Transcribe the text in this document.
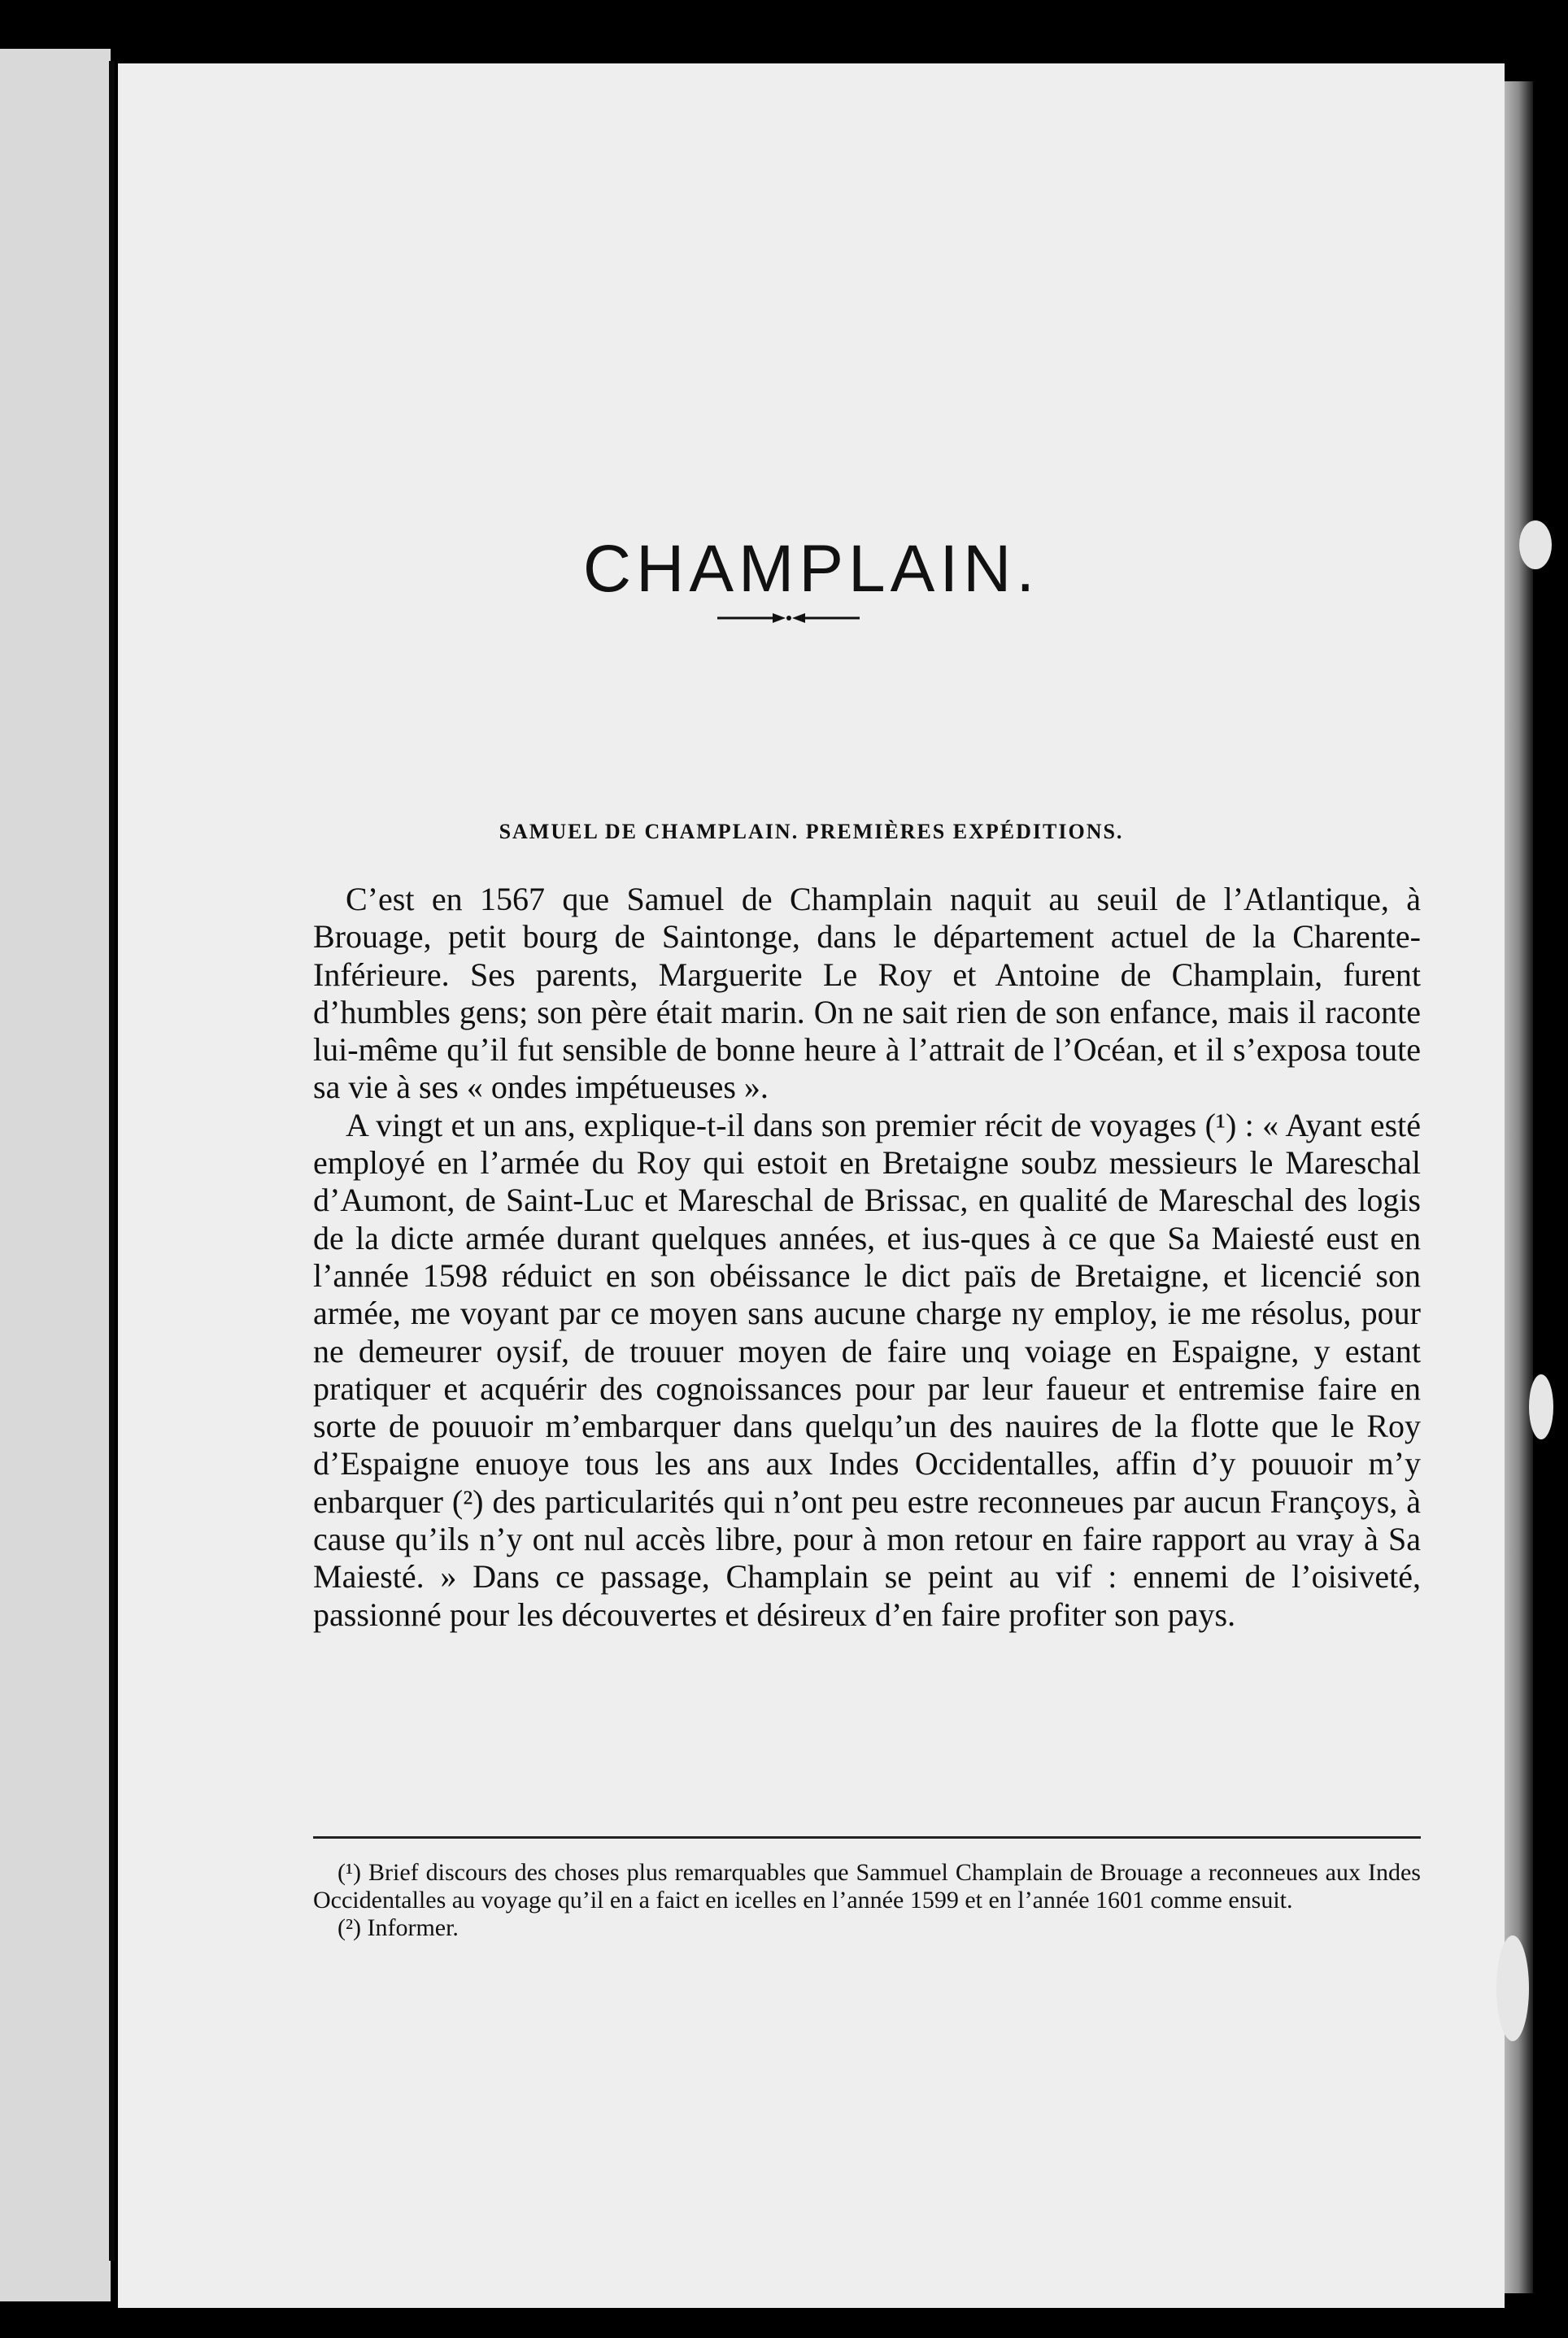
CHAMPLAIN.
SAMUEL DE CHAMPLAIN. PREMIÈRES EXPÉDITIONS.

C’est en 1567 que Samuel de Champlain naquit au seuil de l’Atlantique, à Brouage, petit bourg de Saintonge, dans le département actuel de la Charente-Inférieure. Ses parents, Marguerite Le Roy et Antoine de Champlain, furent d’humbles gens; son père était marin. On ne sait rien de son enfance, mais il raconte lui-même qu’il fut sensible de bonne heure à l’attrait de l’Océan, et il s’exposa toute sa vie à ses « ondes impétueuses ».

A vingt et un ans, explique-t-il dans son premier récit de voyages (¹) : « Ayant esté employé en l’armée du Roy qui estoit en Bretaigne soubz messieurs le Mareschal d’Aumont, de Saint-Luc et Mareschal de Brissac, en qualité de Mareschal des logis de la dicte armée durant quelques années, et ius-ques à ce que Sa Maiesté eust en l’année 1598 réduict en son obéissance le dict païs de Bretaigne, et licencié son armée, me voyant par ce moyen sans aucune charge ny employ, ie me résolus, pour ne demeurer oysif, de trouuer moyen de faire unq voiage en Espaigne, y estant pratiquer et acquérir des cognoissances pour par leur faueur et entremise faire en sorte de pouuoir m’embarquer dans quelqu’un des nauires de la flotte que le Roy d’Espaigne enuoye tous les ans aux Indes Occidentalles, affin d’y pouuoir m’y enbarquer (²) des particularités qui n’ont peu estre reconneues par aucun Françoys, à cause qu’ils n’y ont nul accès libre, pour à mon retour en faire rapport au vray à Sa Maiesté. » Dans ce passage, Champlain se peint au vif : ennemi de l’oisiveté, passionné pour les découvertes et désireux d’en faire profiter son pays.

(¹) Brief discours des choses plus remarquables que Sammuel Champlain de Brouage a reconneues aux Indes Occidentalles au voyage qu’il en a faict en icelles en l’année 1599 et en l’année 1601 comme ensuit.

(²) Informer.
